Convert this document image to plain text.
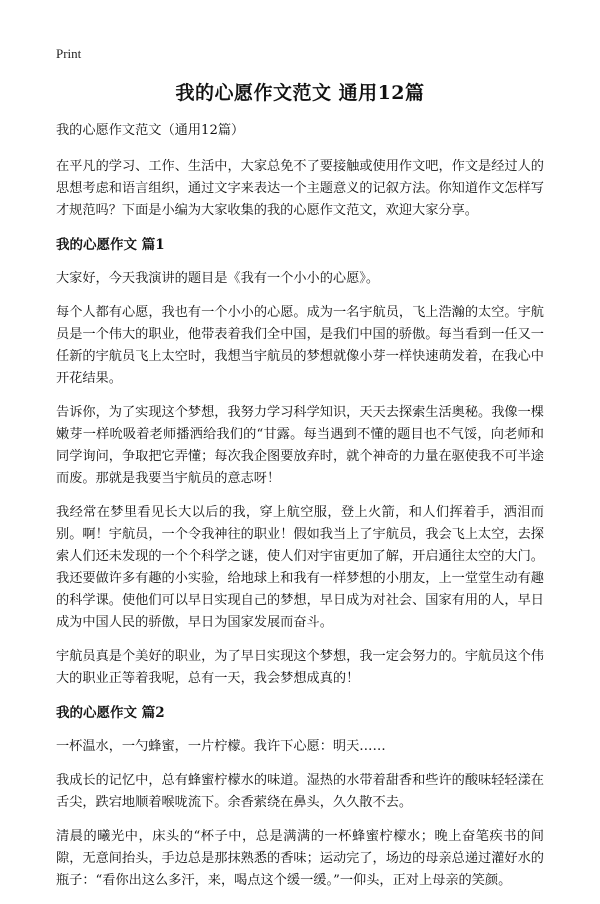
Print
我的心愿作文范文 通用12篇

我的心愿作文范文（通用12篇）

在平凡的学习、工作、生活中，大家总免不了要接触或使用作文吧，作文是经过人的思想考虑和语言组织，通过文字来表达一个主题意义的记叙方法。你知道作文怎样写才规范吗？下面是小编为大家收集的我的心愿作文范文，欢迎大家分享。

我的心愿作文 篇1

大家好，今天我演讲的题目是《我有一个小小的心愿》。

每个人都有心愿，我也有一个小小的心愿。成为一名宇航员，飞上浩瀚的太空。宇航员是一个伟大的职业，他带表着我们全中国，是我们中国的骄傲。每当看到一任又一任新的宇航员飞上太空时，我想当宇航员的梦想就像小芽一样快速萌发着，在我心中开花结果。

告诉你，为了实现这个梦想，我努力学习科学知识，天天去探索生活奥秘。我像一棵嫩芽一样吮吸着老师播洒给我们的“甘露。每当遇到不懂的题目也不气馁，向老师和同学询问，争取把它弄懂；每次我企图要放弃时，就个神奇的力量在驱使我不可半途而废。那就是我要当宇航员的意志呀！

我经常在梦里看见长大以后的我，穿上航空服，登上火箭，和人们挥着手，洒泪而别。啊！宇航员，一个令我神往的职业！假如我当上了宇航员，我会飞上太空，去探索人们还未发现的一个个科学之谜，使人们对宇宙更加了解，开启通往太空的大门。我还要做许多有趣的小实验，给地球上和我有一样梦想的小朋友，上一堂堂生动有趣的科学课。使他们可以早日实现自己的梦想，早日成为对社会、国家有用的人，早日成为中国人民的骄傲，早日为国家发展而奋斗。

宇航员真是个美好的职业，为了早日实现这个梦想，我一定会努力的。宇航员这个伟大的职业正等着我呢，总有一天，我会梦想成真的！

我的心愿作文 篇2

一杯温水，一勺蜂蜜，一片柠檬。我许下心愿：明天……

我成长的记忆中，总有蜂蜜柠檬水的味道。湿热的水带着甜香和些许的酸味轻轻漾在舌尖，跌宕地顺着喉咙流下。余香萦绕在鼻头，久久散不去。

清晨的曦光中，床头的“杯子中，总是满满的一杯蜂蜜柠檬水；晚上奋笔疾书的间隙，无意间抬头，手边总是那抹熟悉的香味；运动完了，场边的母亲总递过灌好水的瓶子：“看你出这么多汗，来，喝点这个缓一缓。”一仰头，正对上母亲的笑颜。
